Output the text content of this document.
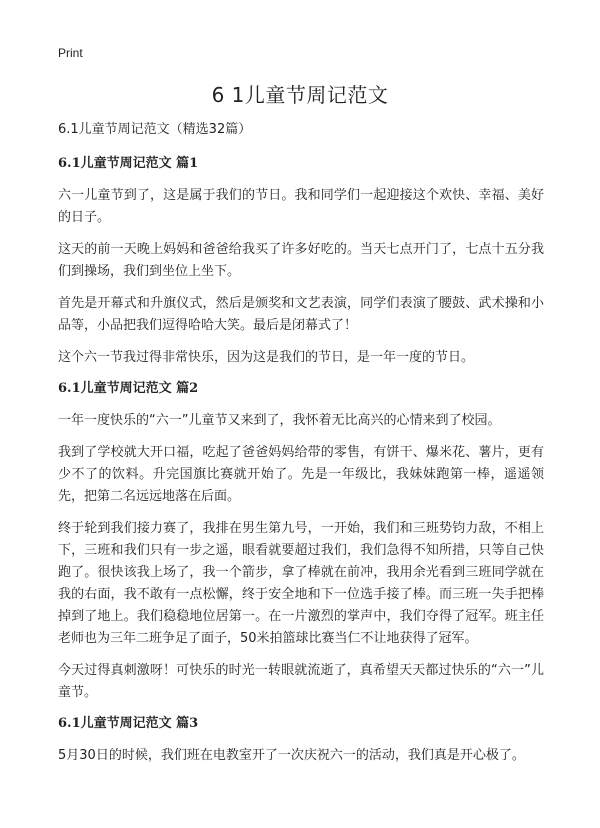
Print
6 1儿童节周记范文

6.1儿童节周记范文（精选32篇）

6.1儿童节周记范文 篇1

六一儿童节到了，这是属于我们的节日。我和同学们一起迎接这个欢快、幸福、美好的日子。

这天的前一天晚上妈妈和爸爸给我买了许多好吃的。当天七点开门了，七点十五分我们到操场，我们到坐位上坐下。

首先是开幕式和升旗仪式，然后是颁奖和文艺表演，同学们表演了腰鼓、武术操和小品等，小品把我们逗得哈哈大笑。最后是闭幕式了！

这个六一节我过得非常快乐，因为这是我们的节日，是一年一度的节日。

6.1儿童节周记范文 篇2

一年一度快乐的“六一”儿童节又来到了，我怀着无比高兴的心情来到了校园。

我到了学校就大开口福，吃起了爸爸妈妈给带的零售，有饼干、爆米花、薯片，更有少不了的饮料。升完国旗比赛就开始了。先是一年级比，我妹妹跑第一棒，遥遥领先，把第二名远远地落在后面。

终于轮到我们接力赛了，我排在男生第九号，一开始，我们和三班势钧力敌，不相上下，三班和我们只有一步之遥，眼看就要超过我们，我们急得不知所措，只等自己快跑了。很快该我上场了，我一个箭步，拿了棒就在前冲，我用余光看到三班同学就在我的右面，我不敢有一点松懈，终于安全地和下一位选手接了棒。而三班一失手把棒掉到了地上。我们稳稳地位居第一。在一片激烈的掌声中，我们夺得了冠军。班主任老师也为三年二班争足了面子，50米拍篮球比赛当仁不让地获得了冠军。

今天过得真刺激呀！可快乐的时光一转眼就流逝了，真希望天天都过快乐的“六一”儿童节。

6.1儿童节周记范文 篇3

5月30日的时候，我们班在电教室开了一次庆祝六一的活动，我们真是开心极了。
